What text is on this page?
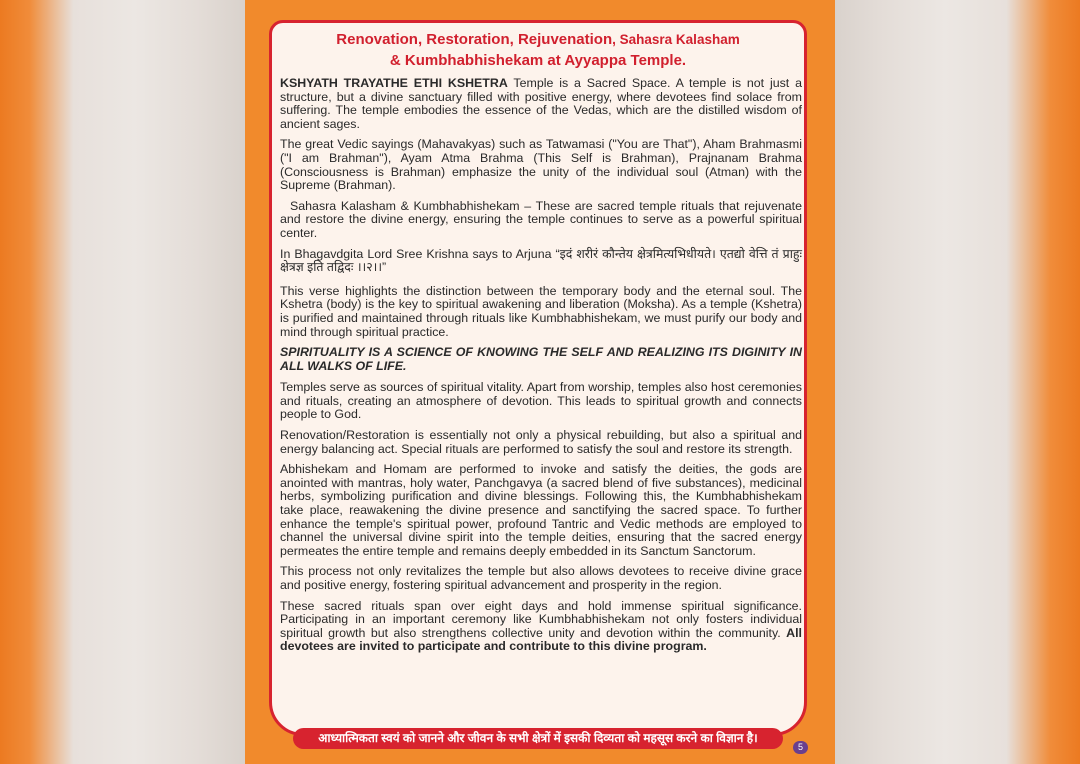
Renovation, Restoration, Rejuvenation, Sahasra Kalasham
& Kumbhabhishekam at Ayyappa Temple.

KSHYATH TRAYATHE ETHI KSHETRA Temple is a Sacred Space. A temple is not just a structure, but a divine sanctuary filled with positive energy, where devotees find solace from suffering. The temple embodies the essence of the Vedas, which are the distilled wisdom of ancient sages.

The great Vedic sayings (Mahavakyas) such as Tatwamasi ("You are That"), Aham Brahmasmi ("I am Brahman"), Ayam Atma Brahma (This Self is Brahman), Prajnanam Brahma (Consciousness is Brahman) emphasize the unity of the individual soul (Atman) with the Supreme (Brahman).

Sahasra Kalasham & Kumbhabhishekam – These are sacred temple rituals that rejuvenate and restore the divine energy, ensuring the temple continues to serve as a powerful spiritual center.

In Bhagavdgita Lord Sree Krishna says to Arjuna “इदं शरीरं कौन्तेय क्षेत्रमित्यभिधीयते। एतद्यो वेत्ति तं प्राहुः क्षेत्रज्ञ इति तद्विदः ।।२।।”

This verse highlights the distinction between the temporary body and the eternal soul. The Kshetra (body) is the key to spiritual awakening and liberation (Moksha). As a temple (Kshetra) is purified and maintained through rituals like Kumbhabhishekam, we must purify our body and mind through spiritual practice.

SPIRITUALITY IS A SCIENCE OF KNOWING THE SELF AND REALIZING ITS DIGINITY IN ALL WALKS OF LIFE.

Temples serve as sources of spiritual vitality. Apart from worship, temples also host ceremonies and rituals, creating an atmosphere of devotion. This leads to spiritual growth and connects people to God.

Renovation/Restoration is essentially not only a physical rebuilding, but also a spiritual and energy balancing act. Special rituals are performed to satisfy the soul and restore its strength.

Abhishekam and Homam are performed to invoke and satisfy the deities, the gods are anointed with mantras, holy water, Panchgavya (a sacred blend of five substances), medicinal herbs, symbolizing purification and divine blessings. Following this, the Kumbhabhishekam take place, reawakening the divine presence and sanctifying the sacred space. To further enhance the temple's spiritual power, profound Tantric and Vedic methods are employed to channel the universal divine spirit into the temple deities, ensuring that the sacred energy permeates the entire temple and remains deeply embedded in its Sanctum Sanctorum.

This process not only revitalizes the temple but also allows devotees to receive divine grace and positive energy, fostering spiritual advancement and prosperity in the region.

These sacred rituals span over eight days and hold immense spiritual significance. Participating in an important ceremony like Kumbhabhishekam not only fosters individual spiritual growth but also strengthens collective unity and devotion within the community. All devotees are invited to participate and contribute to this divine program.

आध्यात्मिकता स्वयं को जानने और जीवन के सभी क्षेत्रों में इसकी दिव्यता को महसूस करने का विज्ञान है।
5
